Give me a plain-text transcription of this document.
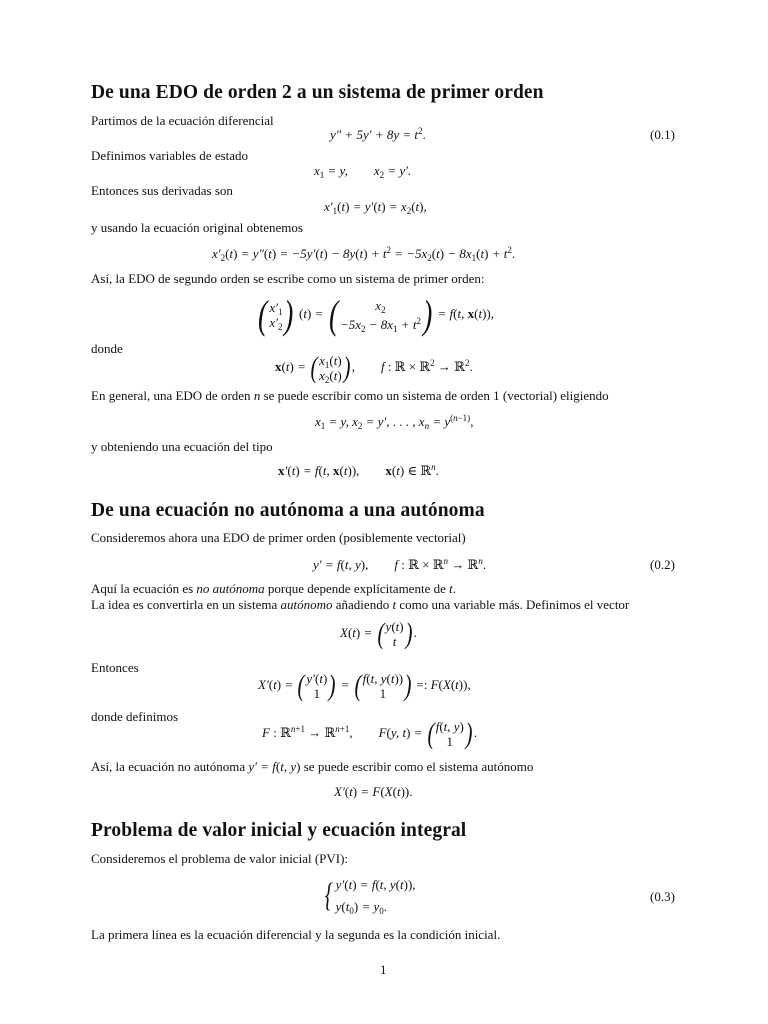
De una EDO de orden 2 a un sistema de primer orden
Partimos de la ecuación diferencial
$y'' + 5y' + 8y = t^2$.	(0.1)
Definimos variables de estado
$x_1 = y$,        $x_2 = y'$.
Entonces sus derivadas son
$x'_1(t) = y'(t) = x_2(t)$,
y usando la ecuación original obtenemos
$x'_2(t) = y''(t) = -5y'(t) - 8y(t) + t^2 = -5x_2(t) - 8x_1(t) + t^2$.
Así, la EDO de segundo orden se escribe como un sistema de primer orden:
( $x'_1$
$x'_2$ ) (t) = (	$x_2$
$-5x_2 - 8x_1 + t^2$ ) = f(t, x(t)),
donde
x(t) = ( $x_1(t)$
$x_2(t)$ ) ,        f : ℝ × ℝ$^2$ → ℝ$^2$.
En general, una EDO de orden n se puede escribir como un sistema de orden 1 (vectorial) eligiendo
$x_1 = y$, $x_2 = y'$, . . . , $x_n = y^{(n-1)}$,
y obteniendo una ecuación del tipo
x′(t) = f(t, x(t)), x(t) ∈ ℝ$^n$.
De una ecuación no autónoma a una autónoma
Consideremos ahora una EDO de primer orden (posiblemente vectorial)
y′ = f(t, y),        f : ℝ × ℝ$^n$ → ℝ$^n$.	(0.2)
Aquí la ecuación es no autónoma porque depende explícitamente de t.
La idea es convertirla en un sistema autónomo añadiendo t como una variable más. Definimos el vector
X(t) = ( y(t)
t ) .
Entonces
X′(t) = ( y′(t)
1 ) = ( f(t, y(t))
1 ) =: F(X(t)),
donde definimos
F : ℝ$^{n+1}$ → ℝ$^{n+1}$,        F(y, t) = ( f(t, y)
1 ) .
Así, la ecuación no autónoma y′ = f(t, y) se puede escribir como el sistema autónomo
X′(t) = F(X(t)).
Problema de valor inicial y ecuación integral
Consideremos el problema de valor inicial (PVI):
{ y′(t) = f(t, y(t)),
$y(t_0) = y_0$.
(0.3)
La primera línea es la ecuación diferencial y la segunda es la condición inicial.
1
